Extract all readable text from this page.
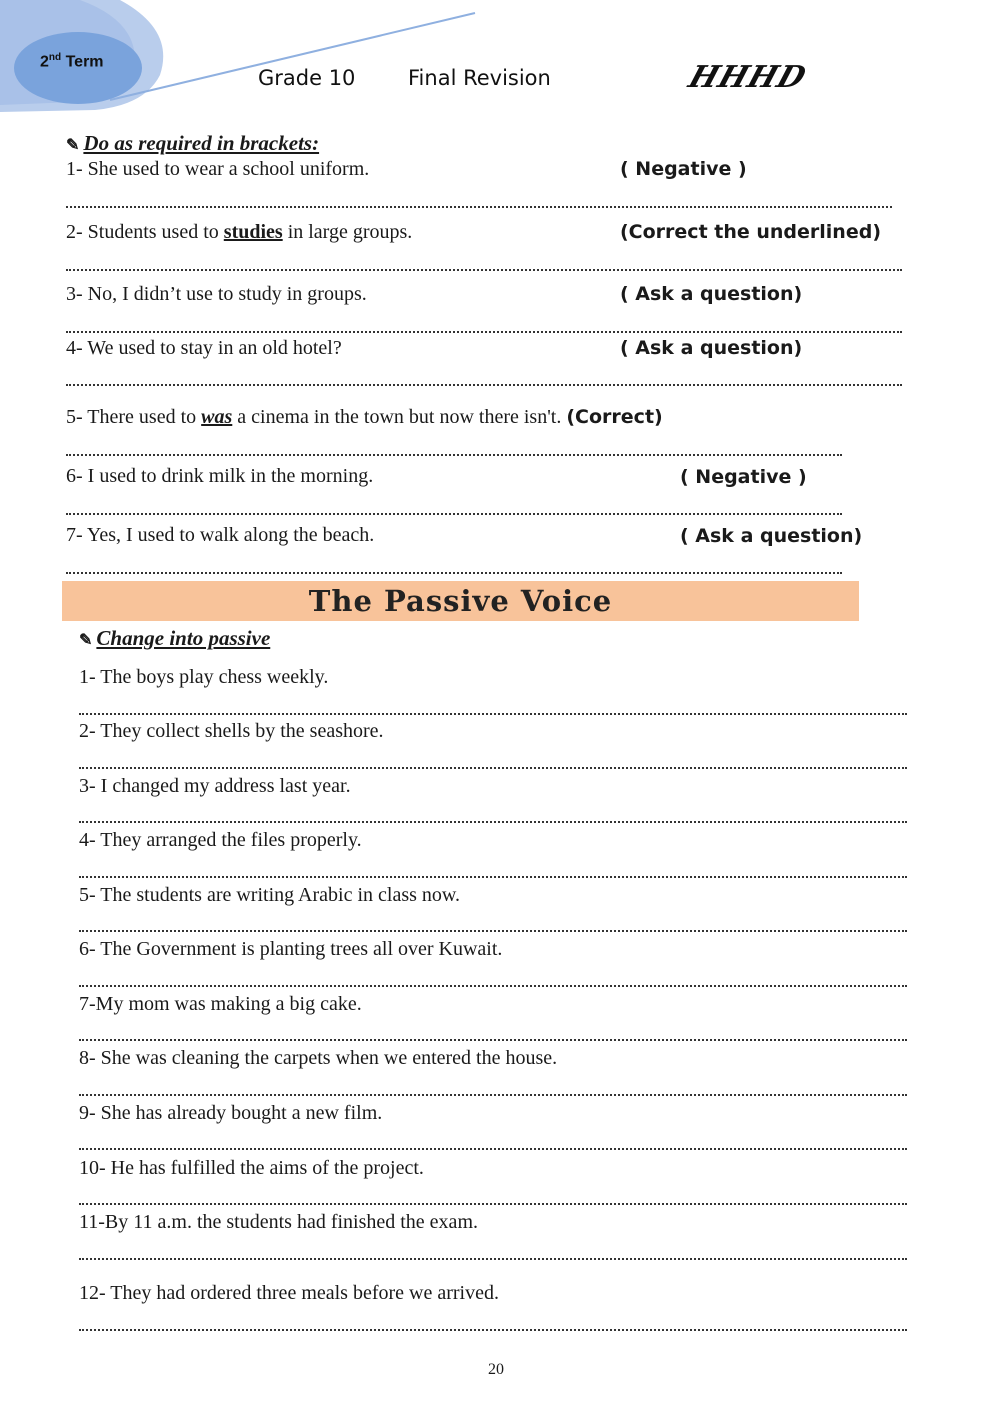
2nd Term
Grade 10	Final Revision	HHHD
✎ Do as required in brackets:
1- She used to wear a school uniform.	( Negative )
2- Students used to studies in large groups.	(Correct the underlined)
3- No, I didn’t use to study in groups.	( Ask a question)
4- We used to stay in an old hotel?	( Ask a question)
5- There used to was a cinema in the town but now there isn't. (Correct)
6- I used to drink milk in the morning.	( Negative )
7- Yes, I used to walk along the beach.	( Ask a question)
The Passive Voice
✎ Change into passive
1- The boys play chess weekly.
2- They collect shells by the seashore.
3- I changed my address last year.
4- They arranged the files properly.
5- The students are writing Arabic in class now.
6- The Government is planting trees all over Kuwait.
7-My mom was making a big cake.
8- She was cleaning the carpets when we entered the house.
9- She has already bought a new film.
10- He has fulfilled the aims of the project.
11-By 11 a.m. the students had finished the exam.
12- They had ordered three meals before we arrived.
20
